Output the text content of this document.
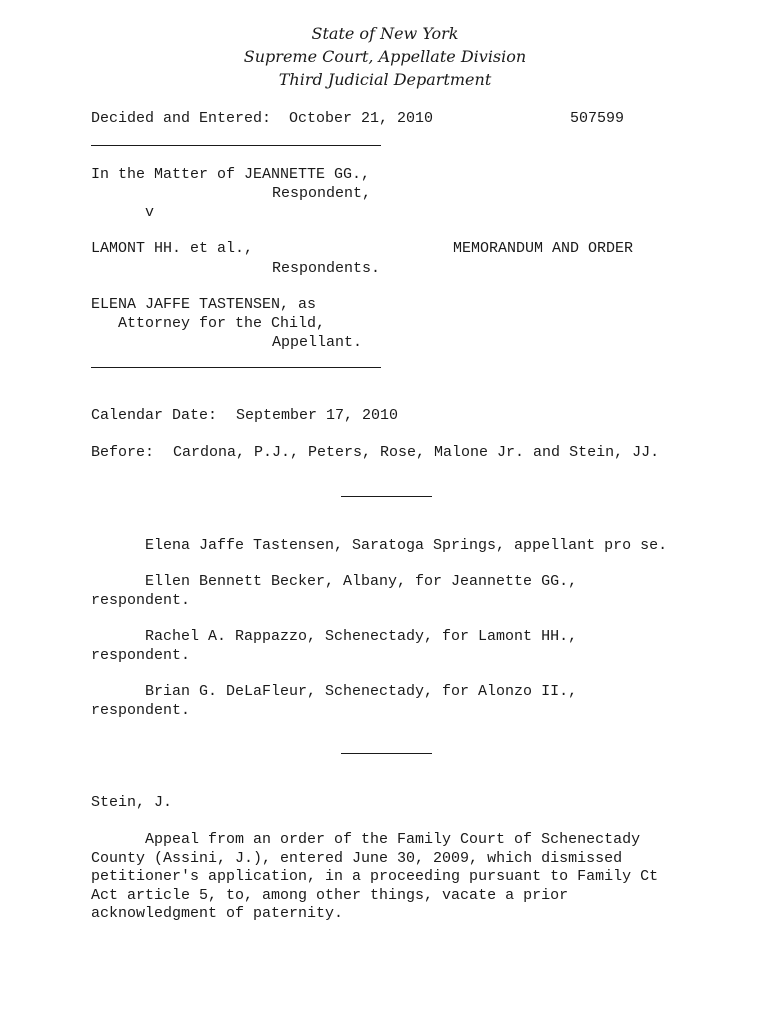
State of New York
Supreme Court, Appellate Division
Third Judicial Department
Decided and Entered: October 21, 2010	507599
In the Matter of JEANNETTE GG.,
Respondent,
v
LAMONT HH. et al.,	MEMORANDUM AND ORDER
Respondents.
ELENA JAFFE TASTENSEN, as
Attorney for the Child,
Appellant.
Calendar Date: September 17, 2010
Before: Cardona, P.J., Peters, Rose, Malone Jr. and Stein, JJ.
Elena Jaffe Tastensen, Saratoga Springs, appellant pro se.
Ellen Bennett Becker, Albany, for Jeannette GG.,
respondent.
Rachel A. Rappazzo, Schenectady, for Lamont HH.,
respondent.
Brian G. DeLaFleur, Schenectady, for Alonzo II.,
respondent.
Stein, J.
Appeal from an order of the Family Court of Schenectady
County (Assini, J.), entered June 30, 2009, which dismissed
petitioner's application, in a proceeding pursuant to Family Ct
Act article 5, to, among other things, vacate a prior
acknowledgment of paternity.
